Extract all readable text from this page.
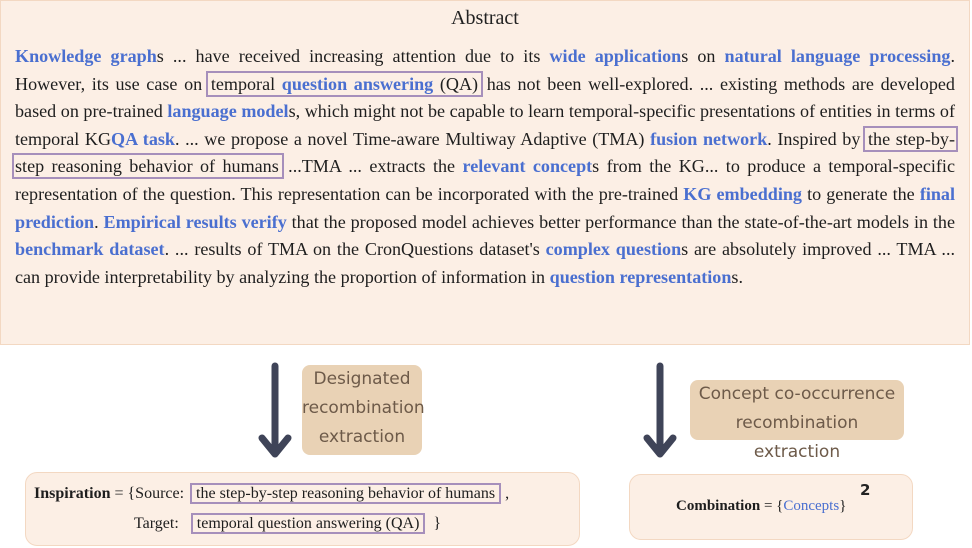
Abstract
Knowledge graphs ... have received increasing attention due to its wide applications on natural language processing. However, its use case on temporal question answering (QA) has not been well-explored. ... existing methods are developed based on pre-trained language models, which might not be capable to learn temporal-specific presentations of entities in terms of temporal KGQA task. ... we propose a novel Time-aware Multiway Adaptive (TMA) fusion network. Inspired by the step-by-step reasoning behavior of humans ...TMA ... extracts the relevant concepts from the KG... to produce a temporal-specific representation of the question. This representation can be incorporated with the pre-trained KG embedding to generate the final prediction. Empirical results verify that the proposed model achieves better performance than the state-of-the-art models in the benchmark dataset. ... results of TMA on the CronQuestions dataset's complex questions are absolutely improved ... TMA ... can provide interpretability by analyzing the proportion of information in question representations.
Designated
recombination
extraction
Concept co-occurrence
recombination extraction
Inspiration = {Source: the step-by-step reasoning behavior of humans ,
Target: temporal question answering (QA) }
Combination = {Concepts}
2
